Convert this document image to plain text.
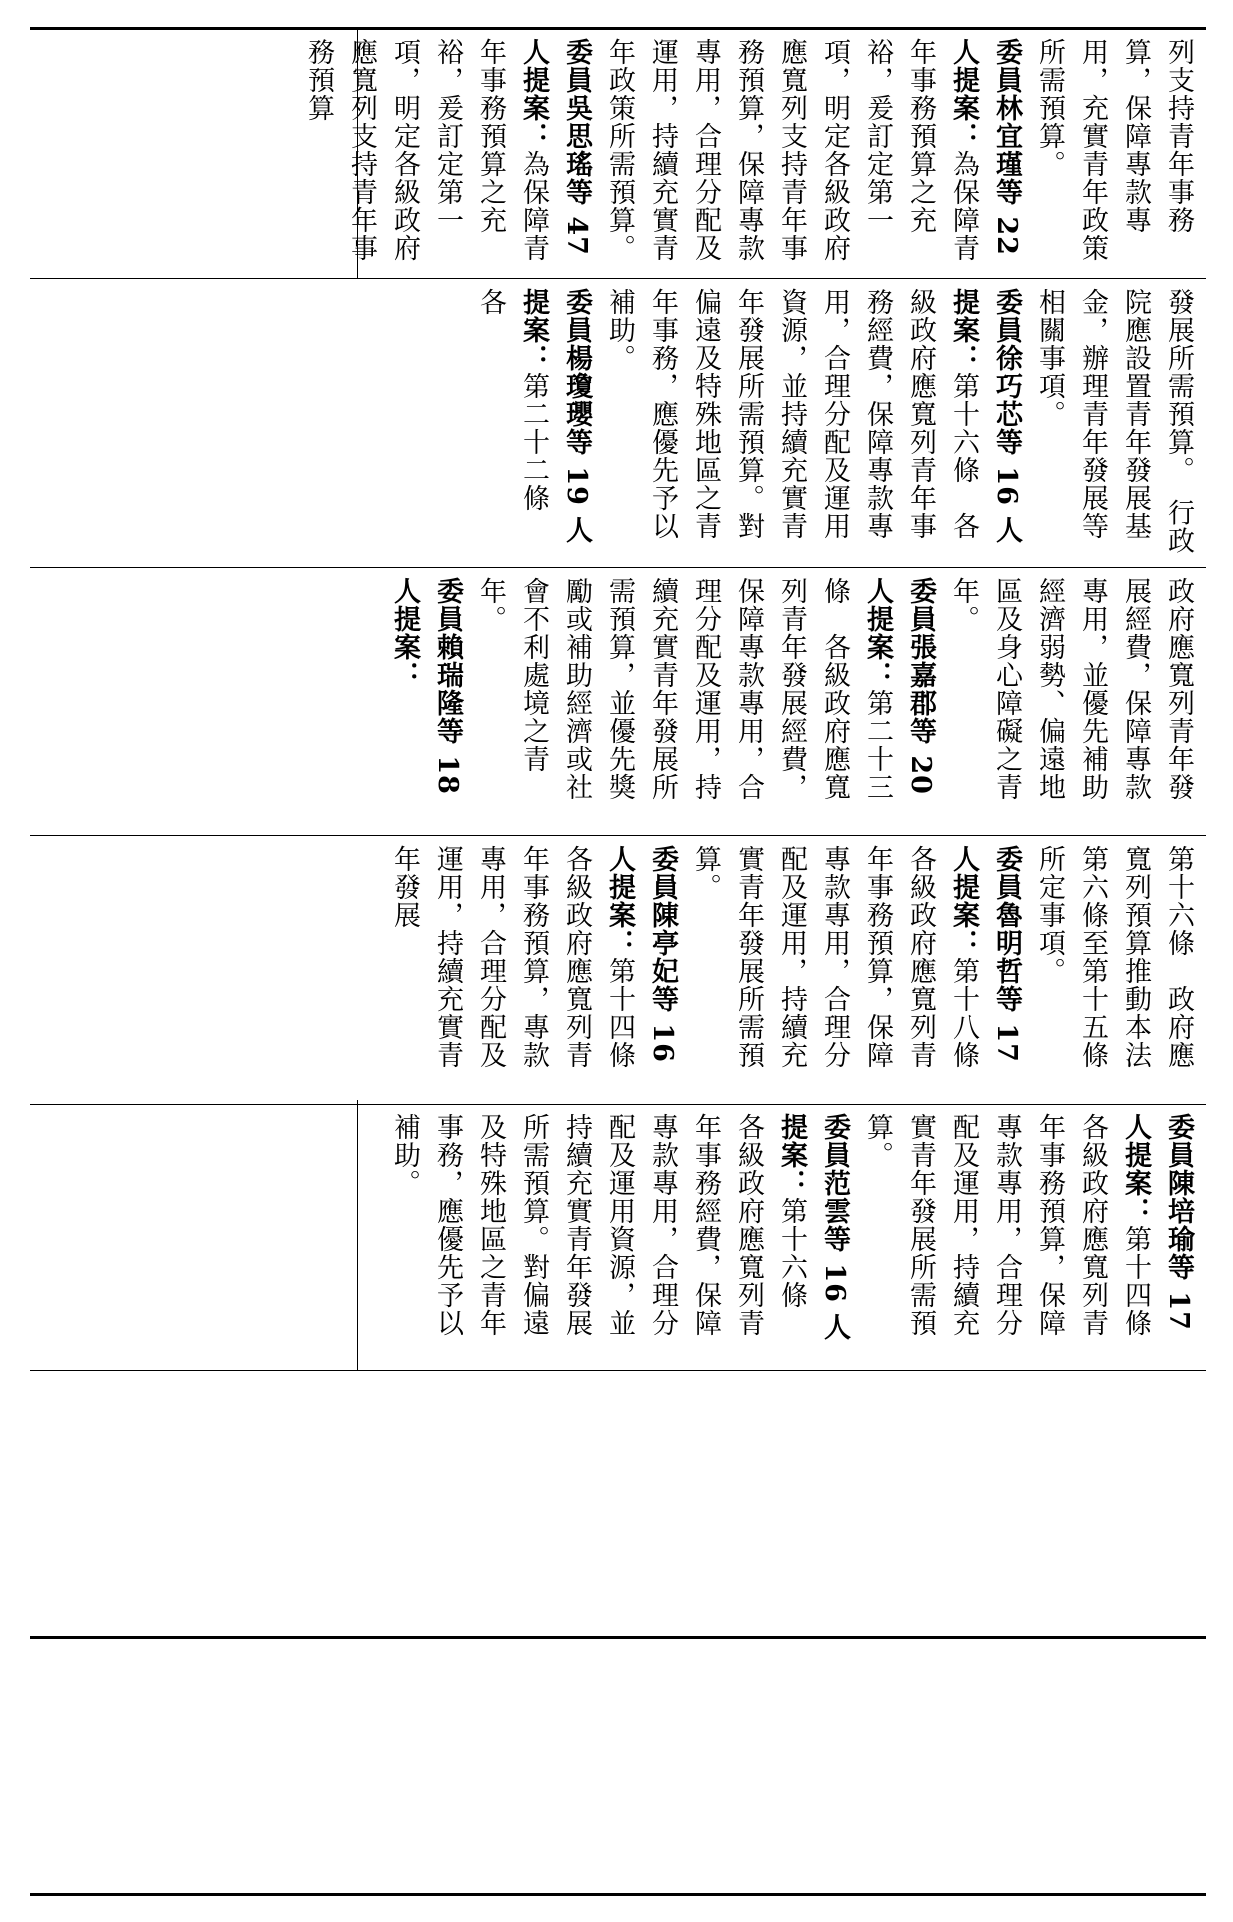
列支持青年事務算，保障專款專用，充實青年政策所需預算。

委員林宜瑾等 22 人提案：為保障青年事務預算之充裕，爰訂定第一項，明定各級政府應寬列支持青年事務預算，保障專款專用，合理分配及運用，持續充實青年政策所需預算。

委員吳思瑤等 47 人提案：為保障青年事務預算之充裕，爰訂定第一項，明定各級政府應寬列支持青年事務預算

發展所需預算。　行政院應設置青年發展基金，辦理青年發展等相關事項。

委員徐巧芯等 16 人提案：第十六條　各級政府應寬列青年事務經費，保障專款專用，合理分配及運用資源，並持續充實青年發展所需預算。對偏遠及特殊地區之青年事務，應優先予以補助。

委員楊瓊瓔等 19 人提案：第二十二條　各

政府應寬列青年發展經費，保障專款專用，並優先補助經濟弱勢、偏遠地區及身心障礙之青年。

委員張嘉郡等 20 人提案：第二十三條　各級政府應寬列青年發展經費，保障專款專用，合理分配及運用，持續充實青年發展所需預算，並優先獎勵或補助經濟或社會不利處境之青年。

委員賴瑞隆等 18 人提案：

第十六條　政府應寬列預算推動本法第六條至第十五條所定事項。

委員魯明哲等 17 人提案：第十八條　各級政府應寬列青年事務預算，保障專款專用，合理分配及運用，持續充實青年發展所需預算。

委員陳亭妃等 16 人提案：第十四條　各級政府應寬列青年事務預算，專款專用，合理分配及運用，持續充實青年發展

委員陳培瑜等 17 人提案：第十四條　各級政府應寬列青年事務預算，保障專款專用，合理分配及運用，持續充實青年發展所需預算。

委員范雲等 16 人提案：第十六條　各級政府應寬列青年事務經費，保障專款專用，合理分配及運用資源，並持續充實青年發展所需預算。對偏遠及特殊地區之青年事務，應優先予以補助。
